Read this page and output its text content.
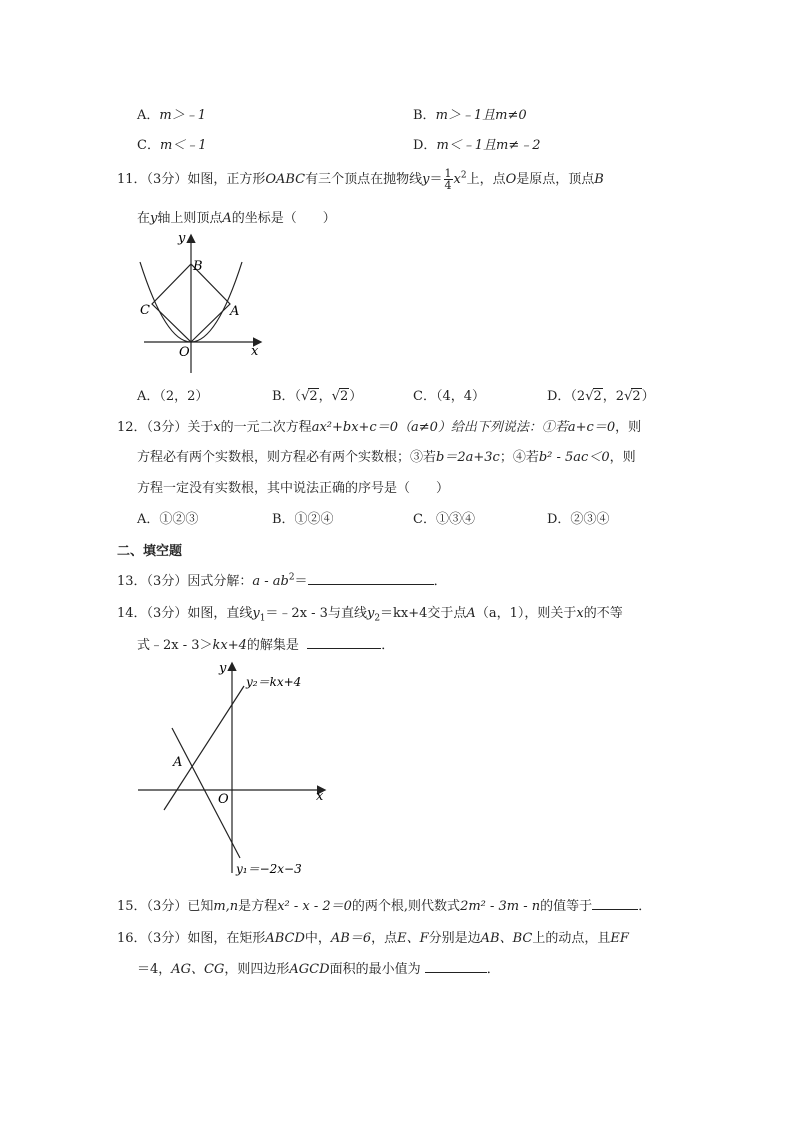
A．m＞﹣1	B．m＞﹣1且m≠0
C．m＜﹣1	D．m＜﹣1且m≠﹣2
11．（3分）如图，正方形OABC有三个顶点在抛物线$y= \frac{1}{4} x^2$上，点O是原点，顶点B
在y轴上则顶点A的坐标是（　　）
y
x
B
C	A
O
A．（2，2）	B．（√2，√2）	C．（4，4）	D．（2√2，2√2）
12．（3分）关于x的一元二次方程ax²+bx+c＝0（a≠0）给出下列说法：①若a+c＝0，则
方程必有两个实数根，则方程必有两个实数根；③若b＝2a+3c；④若b² - 5ac＜0，则
方程一定没有实数根，其中说法正确的序号是（　　）
A．①②③	B．①②④	C．①③④	D．②③④
二、填空题
13．（3分）因式分解：$a - ab^2=$	．
14．（3分）如图，直线$y_1=﹣2x - 3$与直线$y_2=kx+4$交于点A（a，1），则关于x的不等
式﹣2x - 3＞kx+4的解集是	．
y
x
O
A
y₂＝kx+4
y₁＝−2x−3
15．（3分）已知m,n是方程x² - x - 2＝0的两个根,则代数式2m² - 3m - n的值等于	．
16．（3分）如图，在矩形ABCD中，AB＝6，点E、F分别是边AB、BC上的动点，且EF
＝4，AG、CG，则四边形AGCD面积的最小值为	．
